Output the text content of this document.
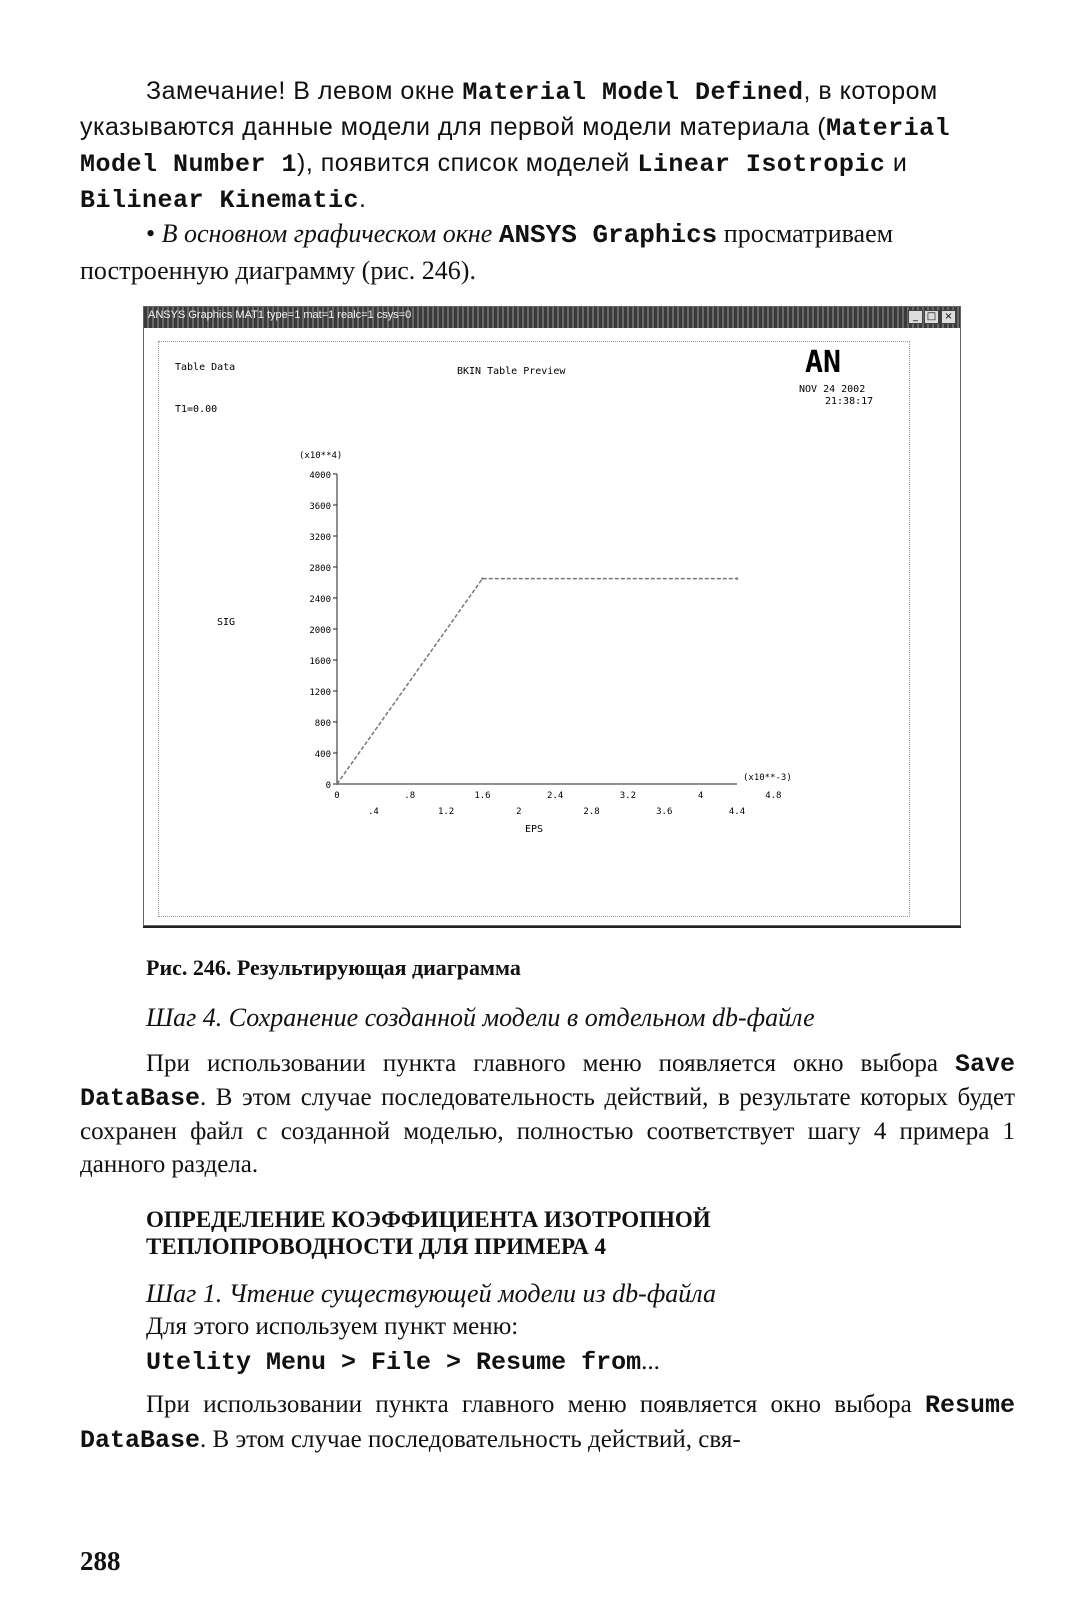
Замечание! В левом окне Material Model Defined, в котором указываются данные модели для первой модели материала (Material Model Number 1), появится список моделей Linear Isotropic и Bilinear Kinematic.

• В основном графическом окне ANSYS Graphics просматриваем
построенную диаграмму (рис. 246).

ANSYS Graphics MAT1 type=1 mat=1 realc=1 csys=0	_ □ ×
Table Data
T1=0.00
BKIN Table Preview	AN
NOV 24 2002
21:38:17
(x10**4)
SIG
(x10**-3)
EPS
0
400
800
1200
1600
2000
2400
2800
3200
3600
4000
0	.8	1.6	2.4	3.2	4	4.8
.4	1.2	2	2.8	3.6	4.4
Рис. 246. Результирующая диаграмма

Шаг 4. Сохранение созданной модели в отдельном db-файле

При использовании пункта главного меню появляется окно выбора Save DataBase. В этом случае последовательность действий, в результате которых будет сохранен файл с созданной моделью, полностью соответствует шагу 4 примера 1 данного раздела.

ОПРЕДЕЛЕНИЕ КОЭФФИЦИЕНТА ИЗОТРОПНОЙ
ТЕПЛОПРОВОДНОСТИ ДЛЯ ПРИМЕРА 4

Шаг 1. Чтение существующей модели из db-файла

Для этого используем пункт меню:

Utelity Menu > File > Resume from...

При использовании пункта главного меню появляется окно выбора Resume DataBase. В этом случае последовательность действий, свя-

288
